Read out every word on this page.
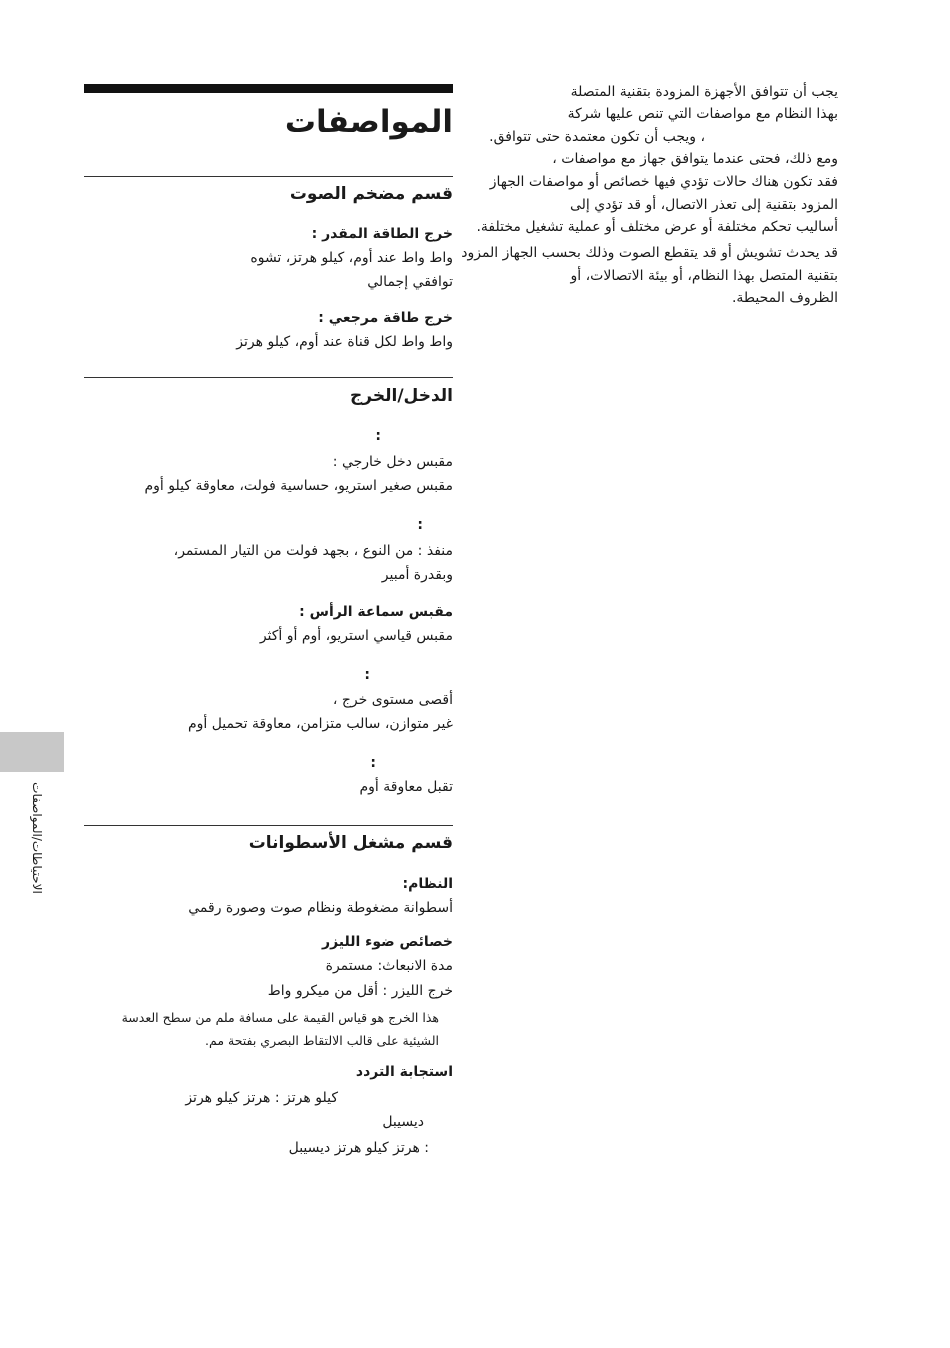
يجب أن تتوافق الأجهزة المزودة بتقنية المتصلة
بهذا النظام مع مواصفات التي تنص عليها شركة
، ويجب أن تكون معتمدة حتى تتوافق.
ومع ذلك، فحتى عندما يتوافق جهاز مع مواصفات ،
فقد تكون هناك حالات تؤدي فيها خصائص أو مواصفات الجهاز
المزود بتقنية إلى تعذر الاتصال، أو قد تؤدي إلى
أساليب تحكم مختلفة أو عرض مختلف أو عملية تشغيل مختلفة.
قد يحدث تشويش أو قد يتقطع الصوت وذلك بحسب الجهاز المزود
بتقنية المتصل بهذا النظام، أو بيئة الاتصالات، أو
الظروف المحيطة.
المواصفات
قسم مضخم الصوت
خرج الطاقة المقدر :
واط واط عند أوم، كيلو هرتز، تشوه
توافقي إجمالي
خرج طاقة مرجعي :
واط واط لكل قناة عند أوم، كيلو هرتز
الدخل/الخرج
:
مقبس دخل خارجي :
مقبس صغير استريو، حساسية فولت، معاوقة كيلو أوم
:
منفذ : من النوع ، بجهد فولت من التيار المستمر،
وبقدرة أمبير
مقبس سماعة الرأس :
مقبس قياسي استريو، أوم أو أكثر
:
أقصى مستوى خرج ،
غير متوازن، سالب متزامن، معاوقة تحميل أوم
:
تقبل معاوقة أوم
قسم مشغل الأسطوانات
النظام:
أسطوانة مضغوطة ونظام صوت وصورة رقمي
خصائص ضوء الليزر
مدة الانبعاث: مستمرة
خرج الليزر : أقل من ميكرو واط
هذا الخرج هو قياس القيمة على مسافة ملم من سطح العدسة
الشيئية على قالب الالتقاط البصري بفتحة مم.
استجابة التردد
كيلو هرتز : هرتز كيلو هرتز
ديسيبل
: هرتز كيلو هرتز ديسيبل
الاحتياطات/المواصفات
